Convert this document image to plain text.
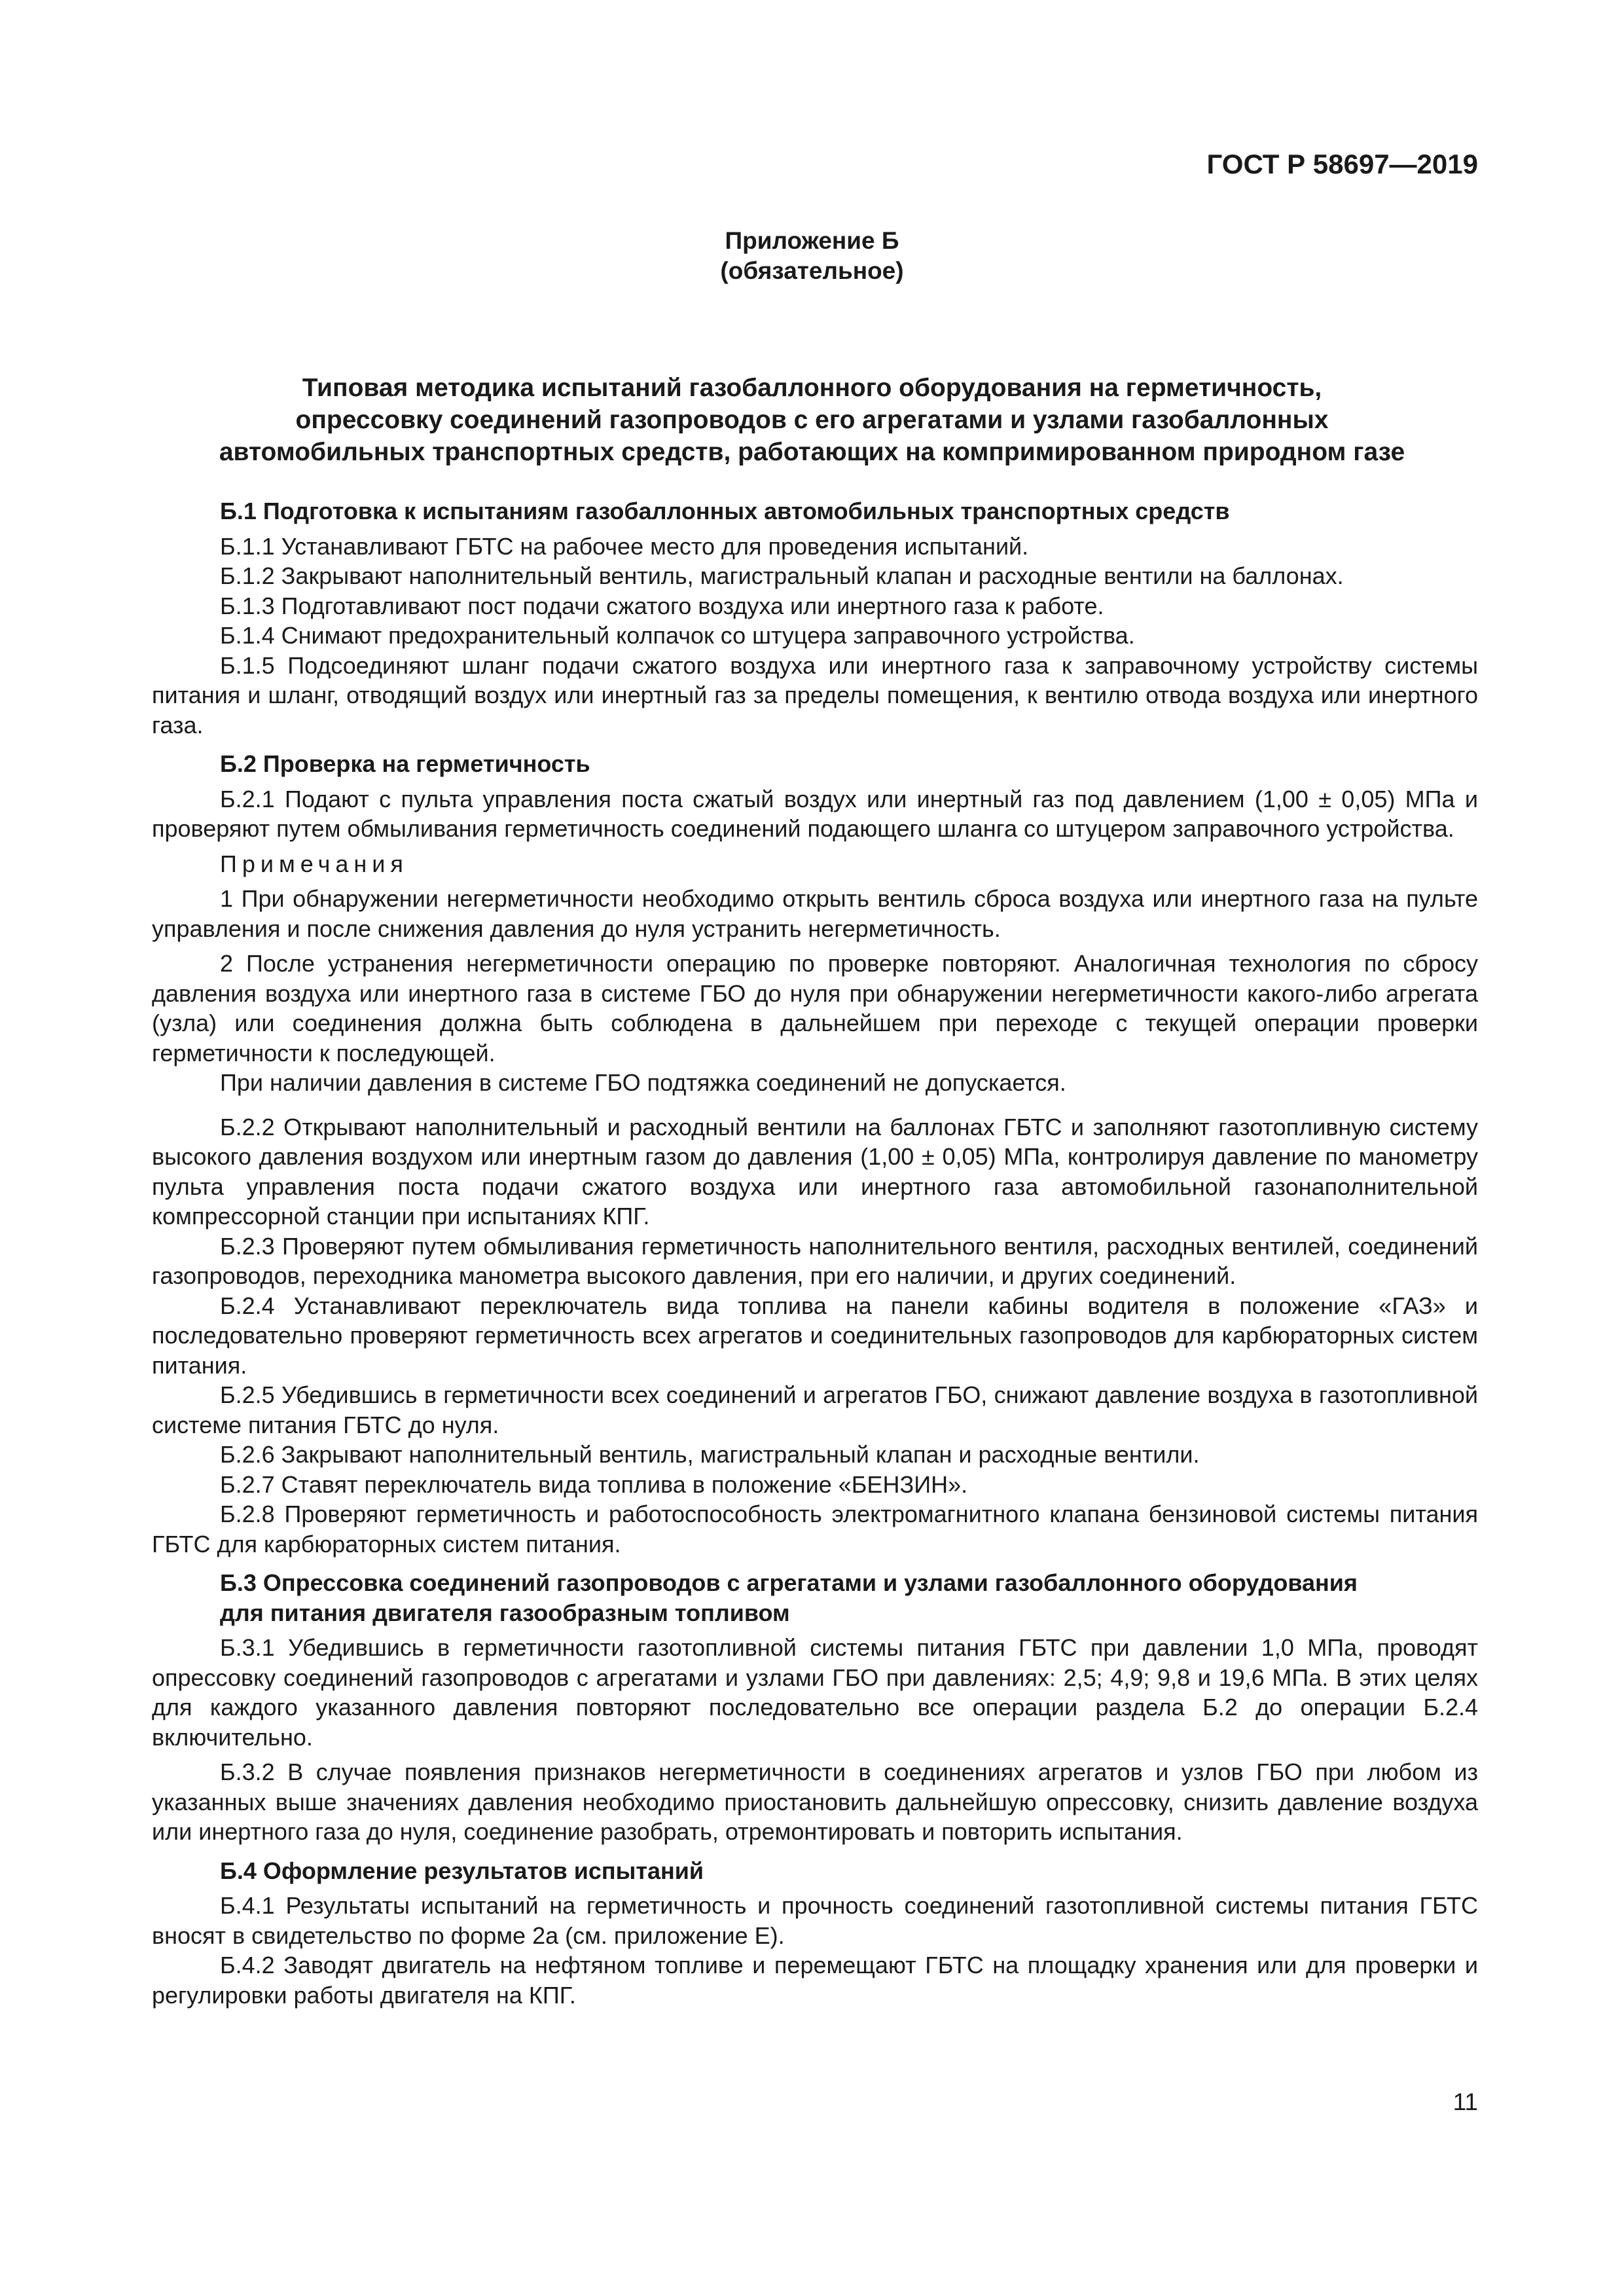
ГОСТ Р 58697—2019
Приложение Б
(обязательное)
Типовая методика испытаний газобаллонного оборудования на герметичность,
опрессовку соединений газопроводов с его агрегатами и узлами газобаллонных
автомобильных транспортных средств, работающих на компримированном природном газе
Б.1 Подготовка к испытаниям газобаллонных автомобильных транспортных средств

Б.1.1 Устанавливают ГБТС на рабочее место для проведения испытаний.

Б.1.2 Закрывают наполнительный вентиль, магистральный клапан и расходные вентили на баллонах.

Б.1.3 Подготавливают пост подачи сжатого воздуха или инертного газа к работе.

Б.1.4 Снимают предохранительный колпачок со штуцера заправочного устройства.

Б.1.5 Подсоединяют шланг подачи сжатого воздуха или инертного газа к заправочному устройству системы питания и шланг, отводящий воздух или инертный газ за пределы помещения, к вентилю отвода воздуха или инертного газа.

Б.2 Проверка на герметичность

Б.2.1 Подают с пульта управления поста сжатый воздух или инертный газ под давлением (1,00 ± 0,05) МПа и проверяют путем обмыливания герметичность соединений подающего шланга со штуцером заправочного устройства.

Примечания

1 При обнаружении негерметичности необходимо открыть вентиль сброса воздуха или инертного газа на пульте управления и после снижения давления до нуля устранить негерметичность.

2 После устранения негерметичности операцию по проверке повторяют. Аналогичная технология по сбросу давления воздуха или инертного газа в системе ГБО до нуля при обнаружении негерметичности какого-либо агрегата (узла) или соединения должна быть соблюдена в дальнейшем при переходе с текущей операции проверки герметичности к последующей.

При наличии давления в системе ГБО подтяжка соединений не допускается.

Б.2.2 Открывают наполнительный и расходный вентили на баллонах ГБТС и заполняют газотопливную систему высокого давления воздухом или инертным газом до давления (1,00 ± 0,05) МПа, контролируя давление по манометру пульта управления поста подачи сжатого воздуха или инертного газа автомобильной газонаполнительной компрессорной станции при испытаниях КПГ.

Б.2.3 Проверяют путем обмыливания герметичность наполнительного вентиля, расходных вентилей, соединений газопроводов, переходника манометра высокого давления, при его наличии, и других соединений.

Б.2.4 Устанавливают переключатель вида топлива на панели кабины водителя в положение «ГАЗ» и последовательно проверяют герметичность всех агрегатов и соединительных газопроводов для карбюраторных систем питания.

Б.2.5 Убедившись в герметичности всех соединений и агрегатов ГБО, снижают давление воздуха в газотопливной системе питания ГБТС до нуля.

Б.2.6 Закрывают наполнительный вентиль, магистральный клапан и расходные вентили.

Б.2.7 Ставят переключатель вида топлива в положение «БЕНЗИН».

Б.2.8 Проверяют герметичность и работоспособность электромагнитного клапана бензиновой системы питания ГБТС для карбюраторных систем питания.

Б.3 Опрессовка соединений газопроводов с агрегатами и узлами газобаллонного оборудования
для питания двигателя газообразным топливом

Б.3.1 Убедившись в герметичности газотопливной системы питания ГБТС при давлении 1,0 МПа, проводят опрессовку соединений газопроводов с агрегатами и узлами ГБО при давлениях: 2,5; 4,9; 9,8 и 19,6 МПа. В этих целях для каждого указанного давления повторяют последовательно все операции раздела Б.2 до операции Б.2.4 включительно.

Б.3.2 В случае появления признаков негерметичности в соединениях агрегатов и узлов ГБО при любом из указанных выше значениях давления необходимо приостановить дальнейшую опрессовку, снизить давление воздуха или инертного газа до нуля, соединение разобрать, отремонтировать и повторить испытания.

Б.4 Оформление результатов испытаний

Б.4.1 Результаты испытаний на герметичность и прочность соединений газотопливной системы питания ГБТС вносят в свидетельство по форме 2а (см. приложение Е).

Б.4.2 Заводят двигатель на нефтяном топливе и перемещают ГБТС на площадку хранения или для проверки и регулировки работы двигателя на КПГ.

11
